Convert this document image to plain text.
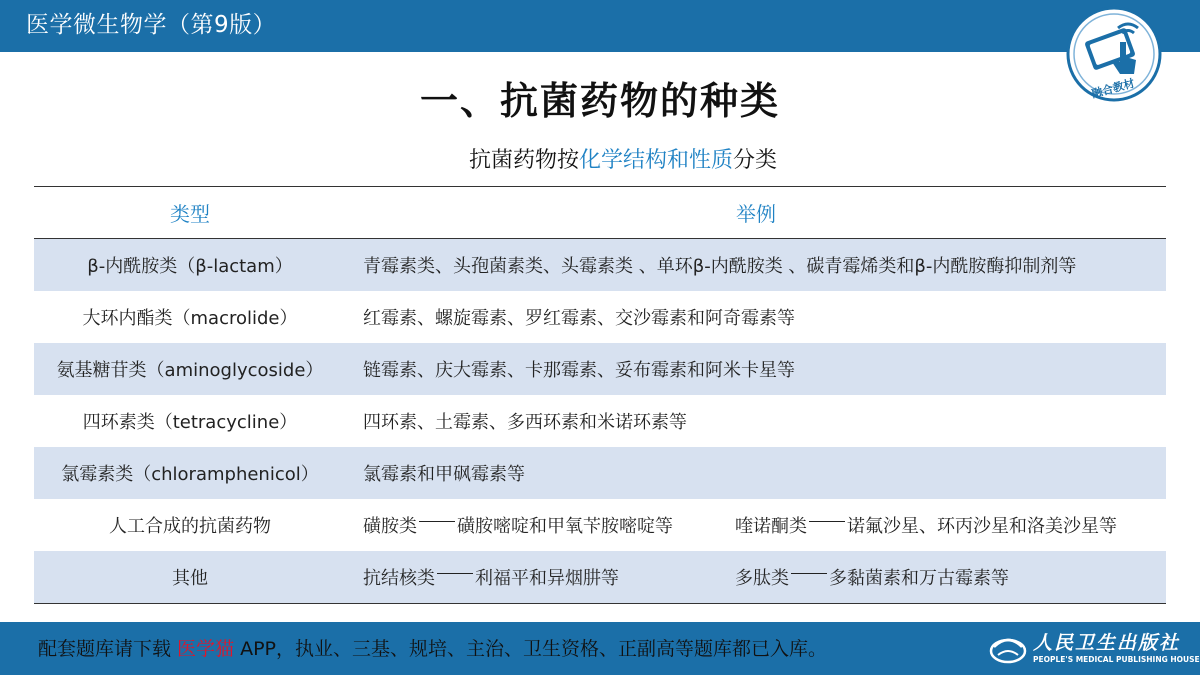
医学微生物学（第9版）
融合教材
一、抗菌药物的种类
抗菌药物按化学结构和性质分类
类型	举例
β-内酰胺类（β-lactam）	青霉素类、头孢菌素类、头霉素类 、单环β-内酰胺类 、碳青霉烯类和β-内酰胺酶抑制剂等
大环内酯类（macrolide）	红霉素、螺旋霉素、罗红霉素、交沙霉素和阿奇霉素等
氨基糖苷类（aminoglycoside）	链霉素、庆大霉素、卡那霉素、妥布霉素和阿米卡星等
四环素类（tetracycline）	四环素、土霉素、多西环素和米诺环素等
氯霉素类（chloramphenicol）	氯霉素和甲砜霉素等
人工合成的抗菌药物	磺胺类 磺胺嘧啶和甲氧苄胺嘧啶等	喹诺酮类 诺氟沙星、环丙沙星和洛美沙星等
其他	抗结核类 利福平和异烟肼等	多肽类 多黏菌素和万古霉素等
配套题库请下载 医学猫 APP，执业、三基、规培、主治、卫生资格、正副高等题库都已入库。	人民卫生出版社
PEOPLE'S MEDICAL PUBLISHING HOUSE
